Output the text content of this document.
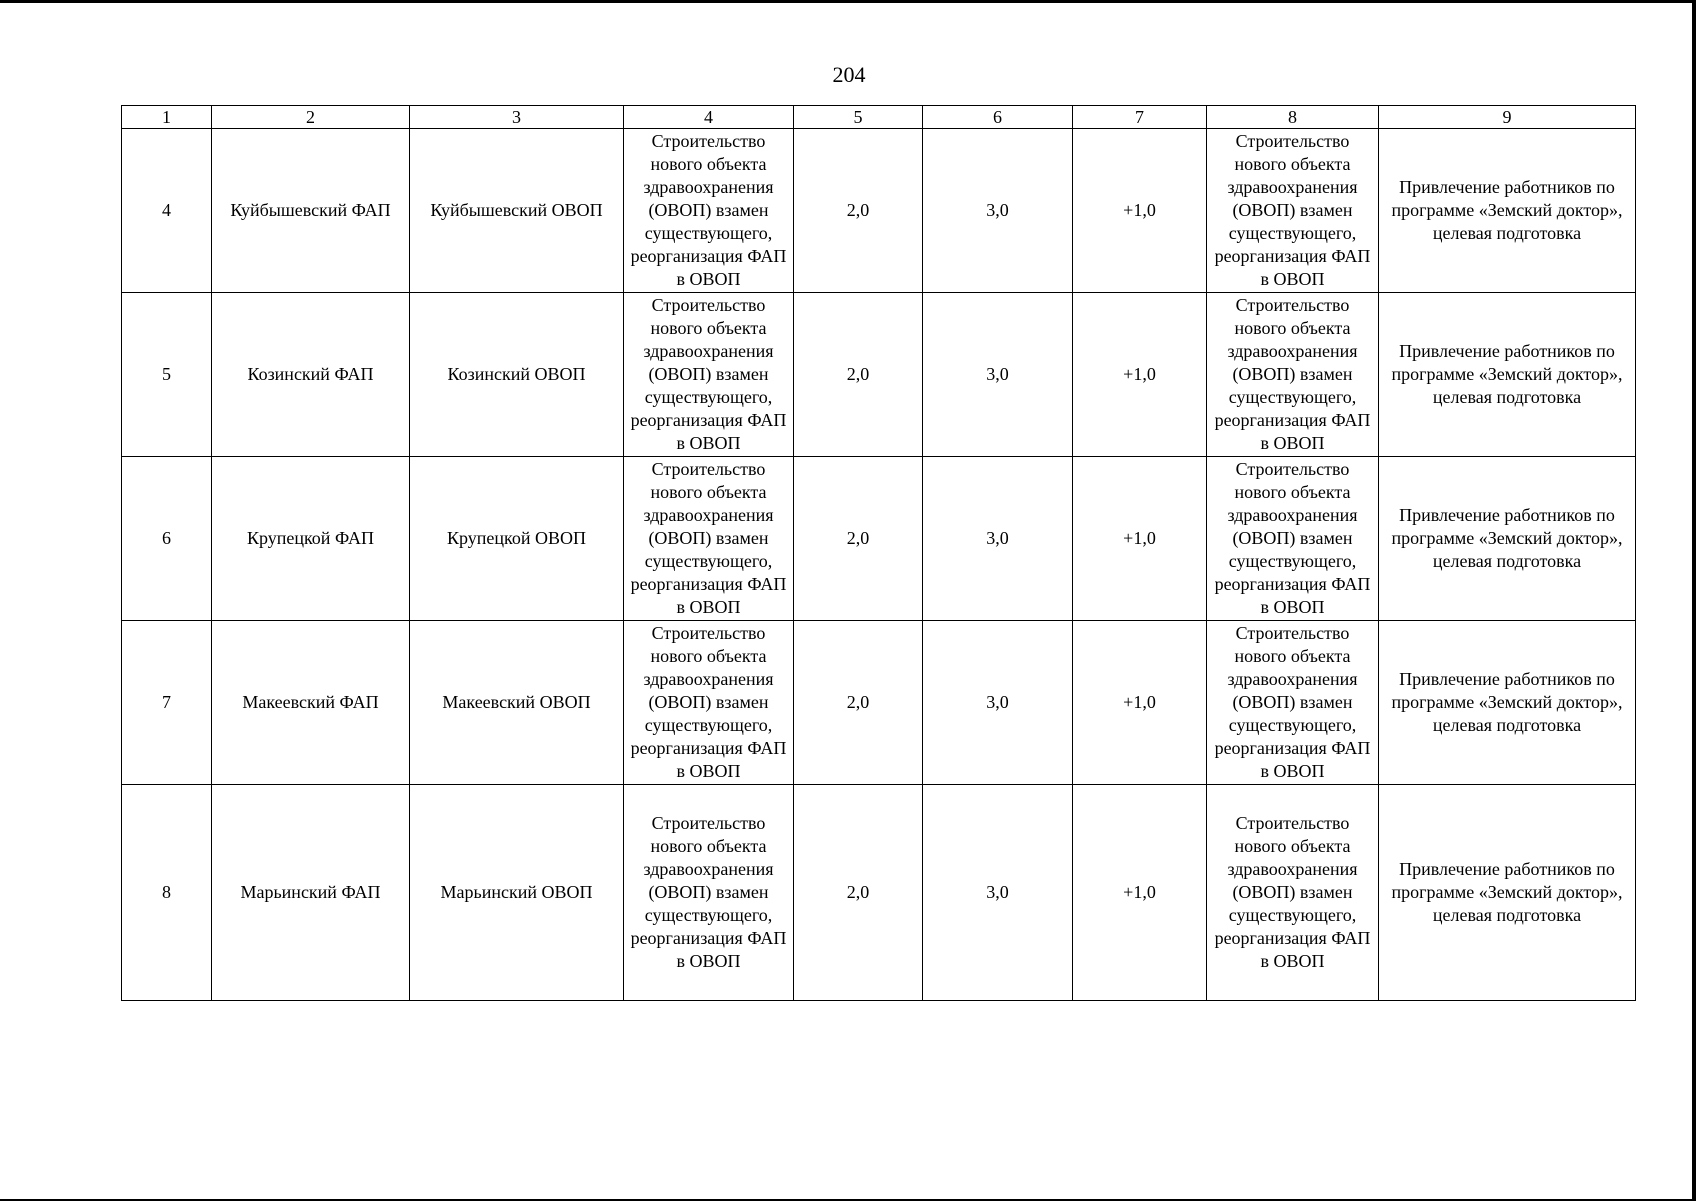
204
1	2	3	4	5	6	7	8	9
4	Куйбышевский ФАП	Куйбышевский ОВОП	Строительство нового объекта здравоохранения (ОВОП) взамен существующего, реорганизация ФАП в ОВОП	2,0	3,0	+1,0	Строительство нового объекта здравоохранения (ОВОП) взамен существующего, реорганизация ФАП в ОВОП	Привлечение работников по программе «Земский доктор», целевая подготовка
5	Козинский ФАП	Козинский ОВОП	Строительство нового объекта здравоохранения (ОВОП) взамен существующего, реорганизация ФАП в ОВОП	2,0	3,0	+1,0	Строительство нового объекта здравоохранения (ОВОП) взамен существующего, реорганизация ФАП в ОВОП	Привлечение работников по программе «Земский доктор», целевая подготовка
6	Крупецкой ФАП	Крупецкой ОВОП	Строительство нового объекта здравоохранения (ОВОП) взамен существующего, реорганизация ФАП в ОВОП	2,0	3,0	+1,0	Строительство нового объекта здравоохранения (ОВОП) взамен существующего, реорганизация ФАП в ОВОП	Привлечение работников по программе «Земский доктор», целевая подготовка
7	Макеевский ФАП	Макеевский ОВОП	Строительство нового объекта здравоохранения (ОВОП) взамен существующего, реорганизация ФАП в ОВОП	2,0	3,0	+1,0	Строительство нового объекта здравоохранения (ОВОП) взамен существующего, реорганизация ФАП в ОВОП	Привлечение работников по программе «Земский доктор», целевая подготовка
8	Марьинский ФАП	Марьинский ОВОП	Строительство нового объекта здравоохранения (ОВОП) взамен существующего, реорганизация ФАП в ОВОП	2,0	3,0	+1,0	Строительство нового объекта здравоохранения (ОВОП) взамен существующего, реорганизация ФАП в ОВОП	Привлечение работников по программе «Земский доктор», целевая подготовка
